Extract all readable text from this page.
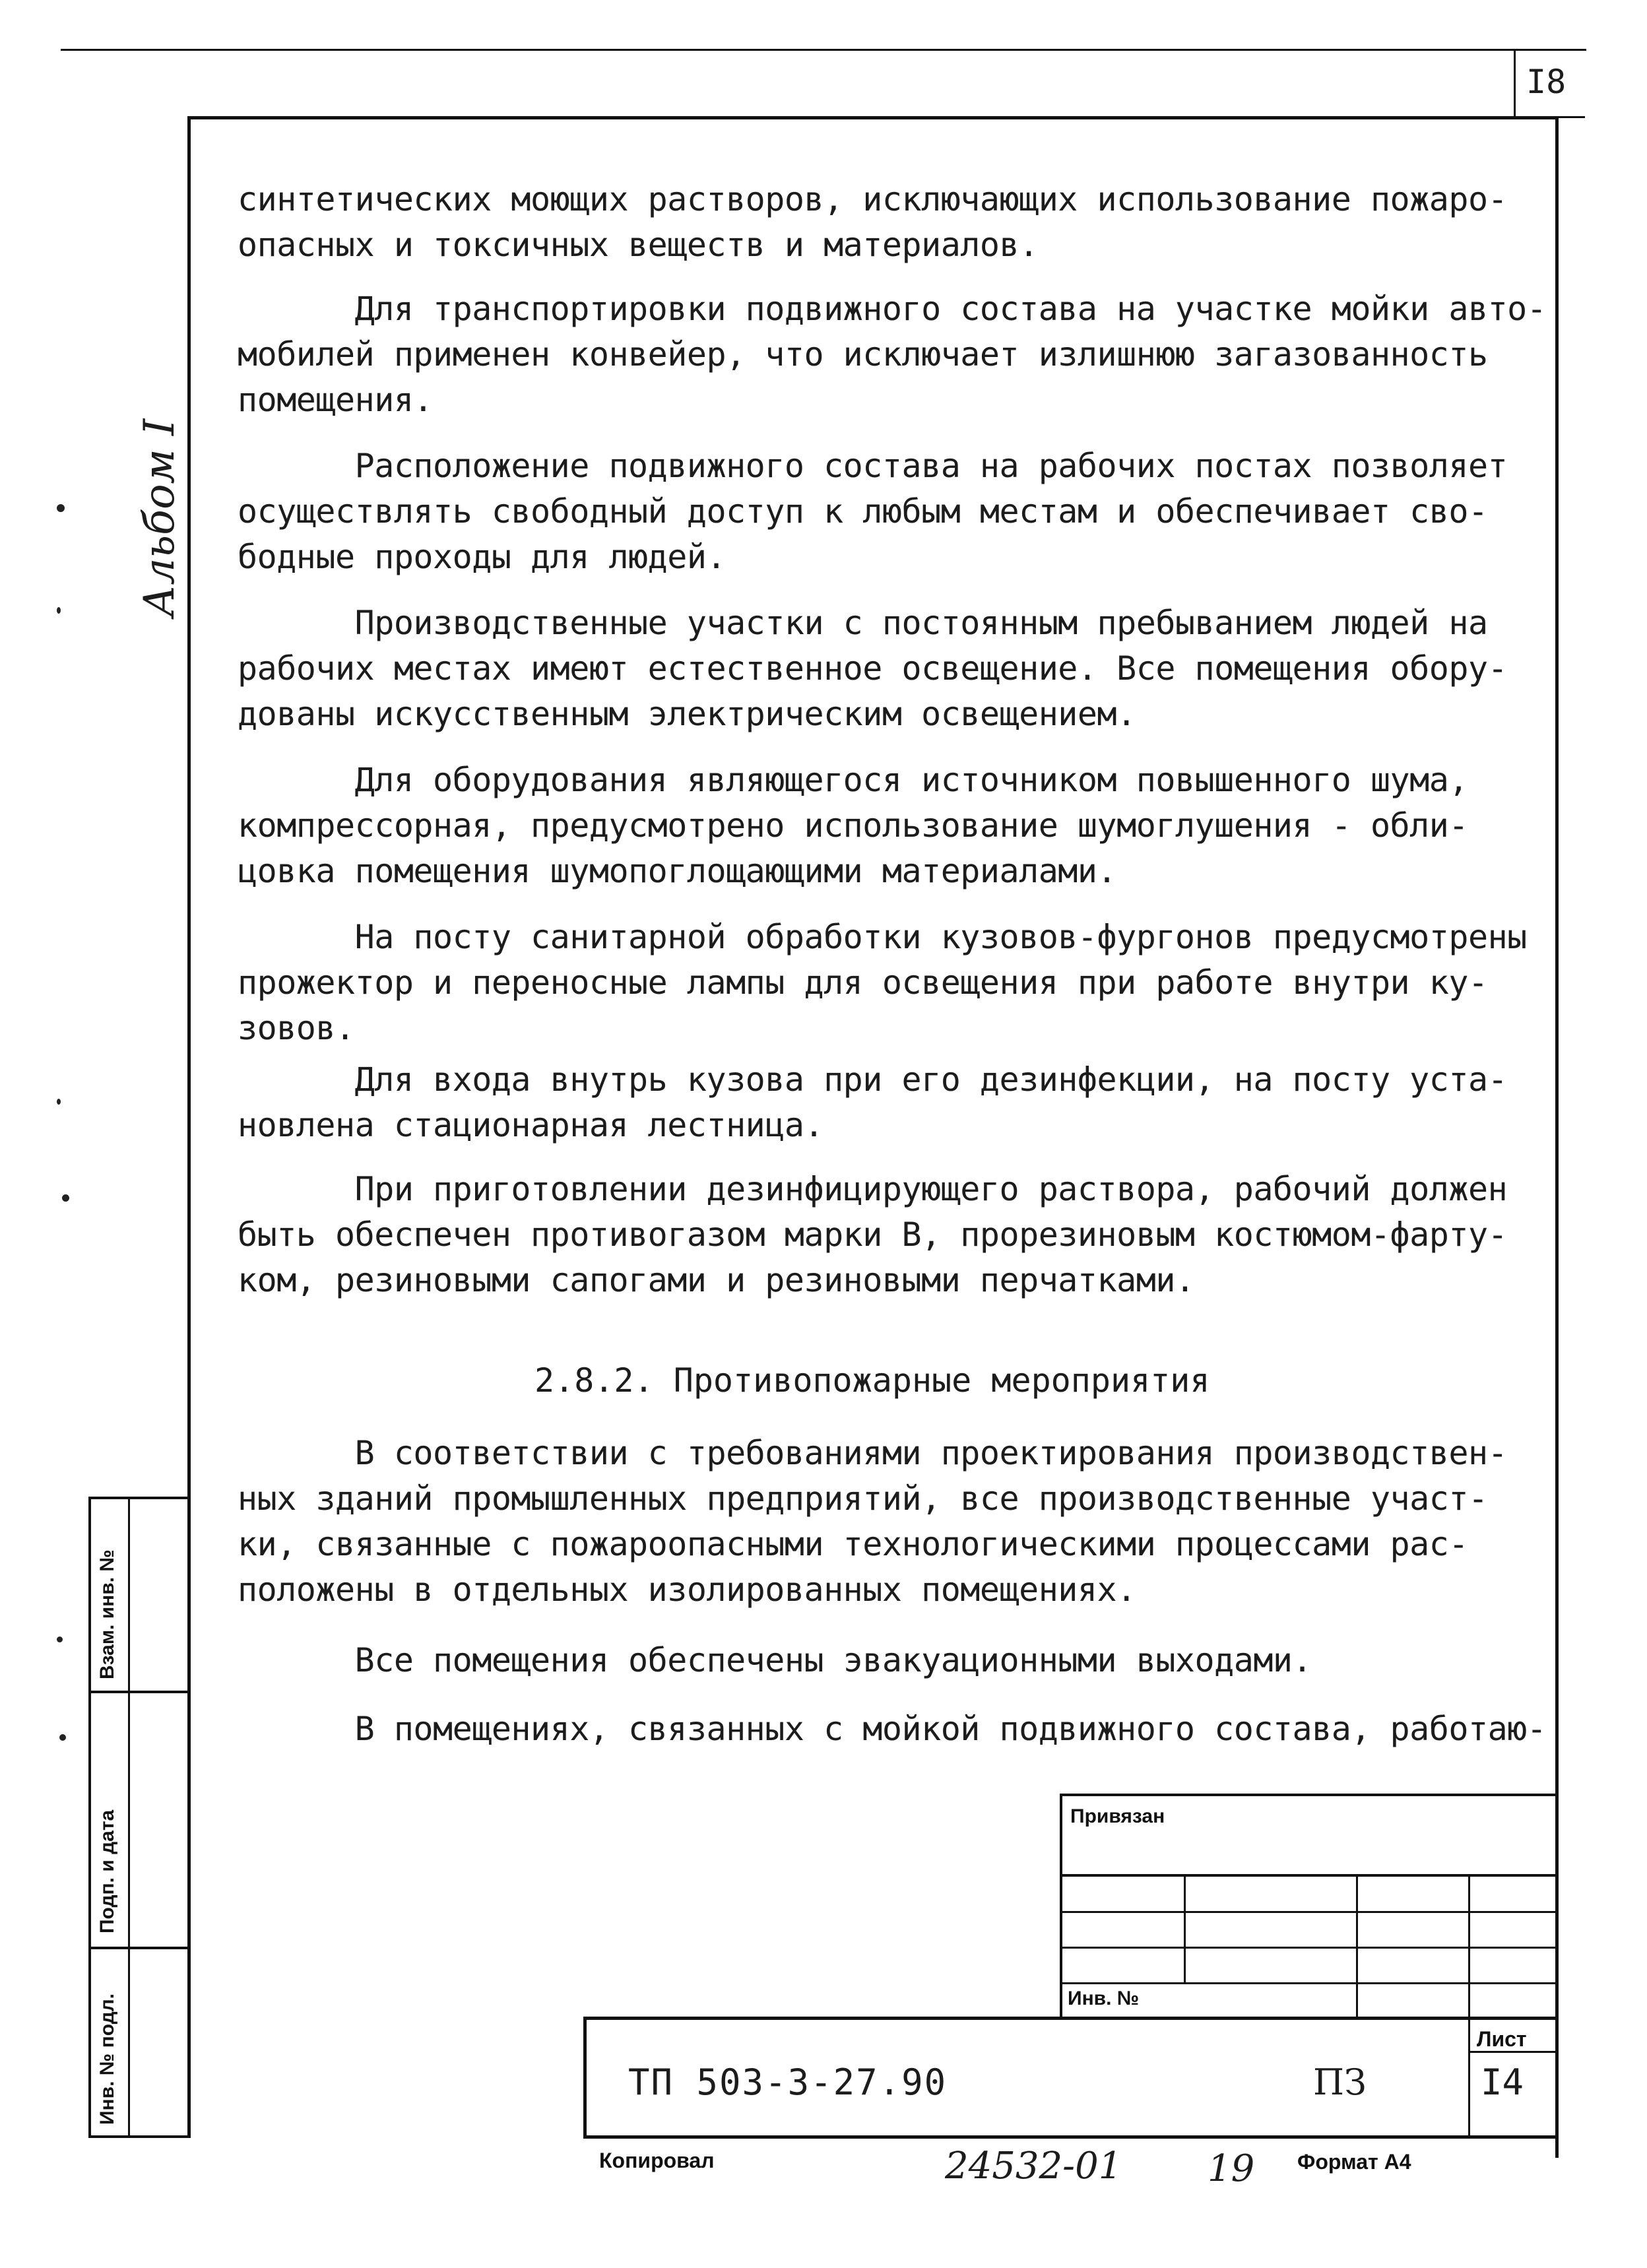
I8
Альбом I
синтетических моющих растворов, исключающих использование пожаро-
опасных и токсичных веществ и материалов.
Для транспортировки подвижного состава на участке мойки авто-
мобилей применен конвейер, что исключает излишнюю загазованность
помещения.
Расположение подвижного состава на рабочих постах позволяет
осуществлять свободный доступ к любым местам и обеспечивает сво-
бодные проходы для людей.
Производственные участки с постоянным пребыванием людей на
рабочих местах имеют естественное освещение. Все помещения обору-
дованы искусственным электрическим освещением.
Для оборудования являющегося источником повышенного шума,
компрессорная, предусмотрено использование шумоглушения - обли-
цовка помещения шумопоглощающими материалами.
На посту санитарной обработки кузовов-фургонов предусмотрены
прожектор и переносные лампы для освещения при работе внутри ку-
зовов.
Для входа внутрь кузова при его дезинфекции, на посту уста-
новлена стационарная лестница.
При приготовлении дезинфицирующего раствора, рабочий должен
быть обеспечен противогазом марки В, прорезиновым костюмом-фарту-
ком, резиновыми сапогами и резиновыми перчатками.
2.8.2. Противопожарные мероприятия
В соответствии с требованиями проектирования производствен-
ных зданий промышленных предприятий, все производственные участ-
ки, связанные с пожароопасными технологическими процессами рас-
положены в отдельных изолированных помещениях.
Все помещения обеспечены эвакуационными выходами.
В помещениях, связанных с мойкой подвижного состава, работаю-
Взам. инв. №
Подп. и дата
Инв. № подл.
Привязан
Инв. №
ТП 503-3-27.90	ПЗ
Лист
I4
Копировал	24532-01 19 Формат А4
